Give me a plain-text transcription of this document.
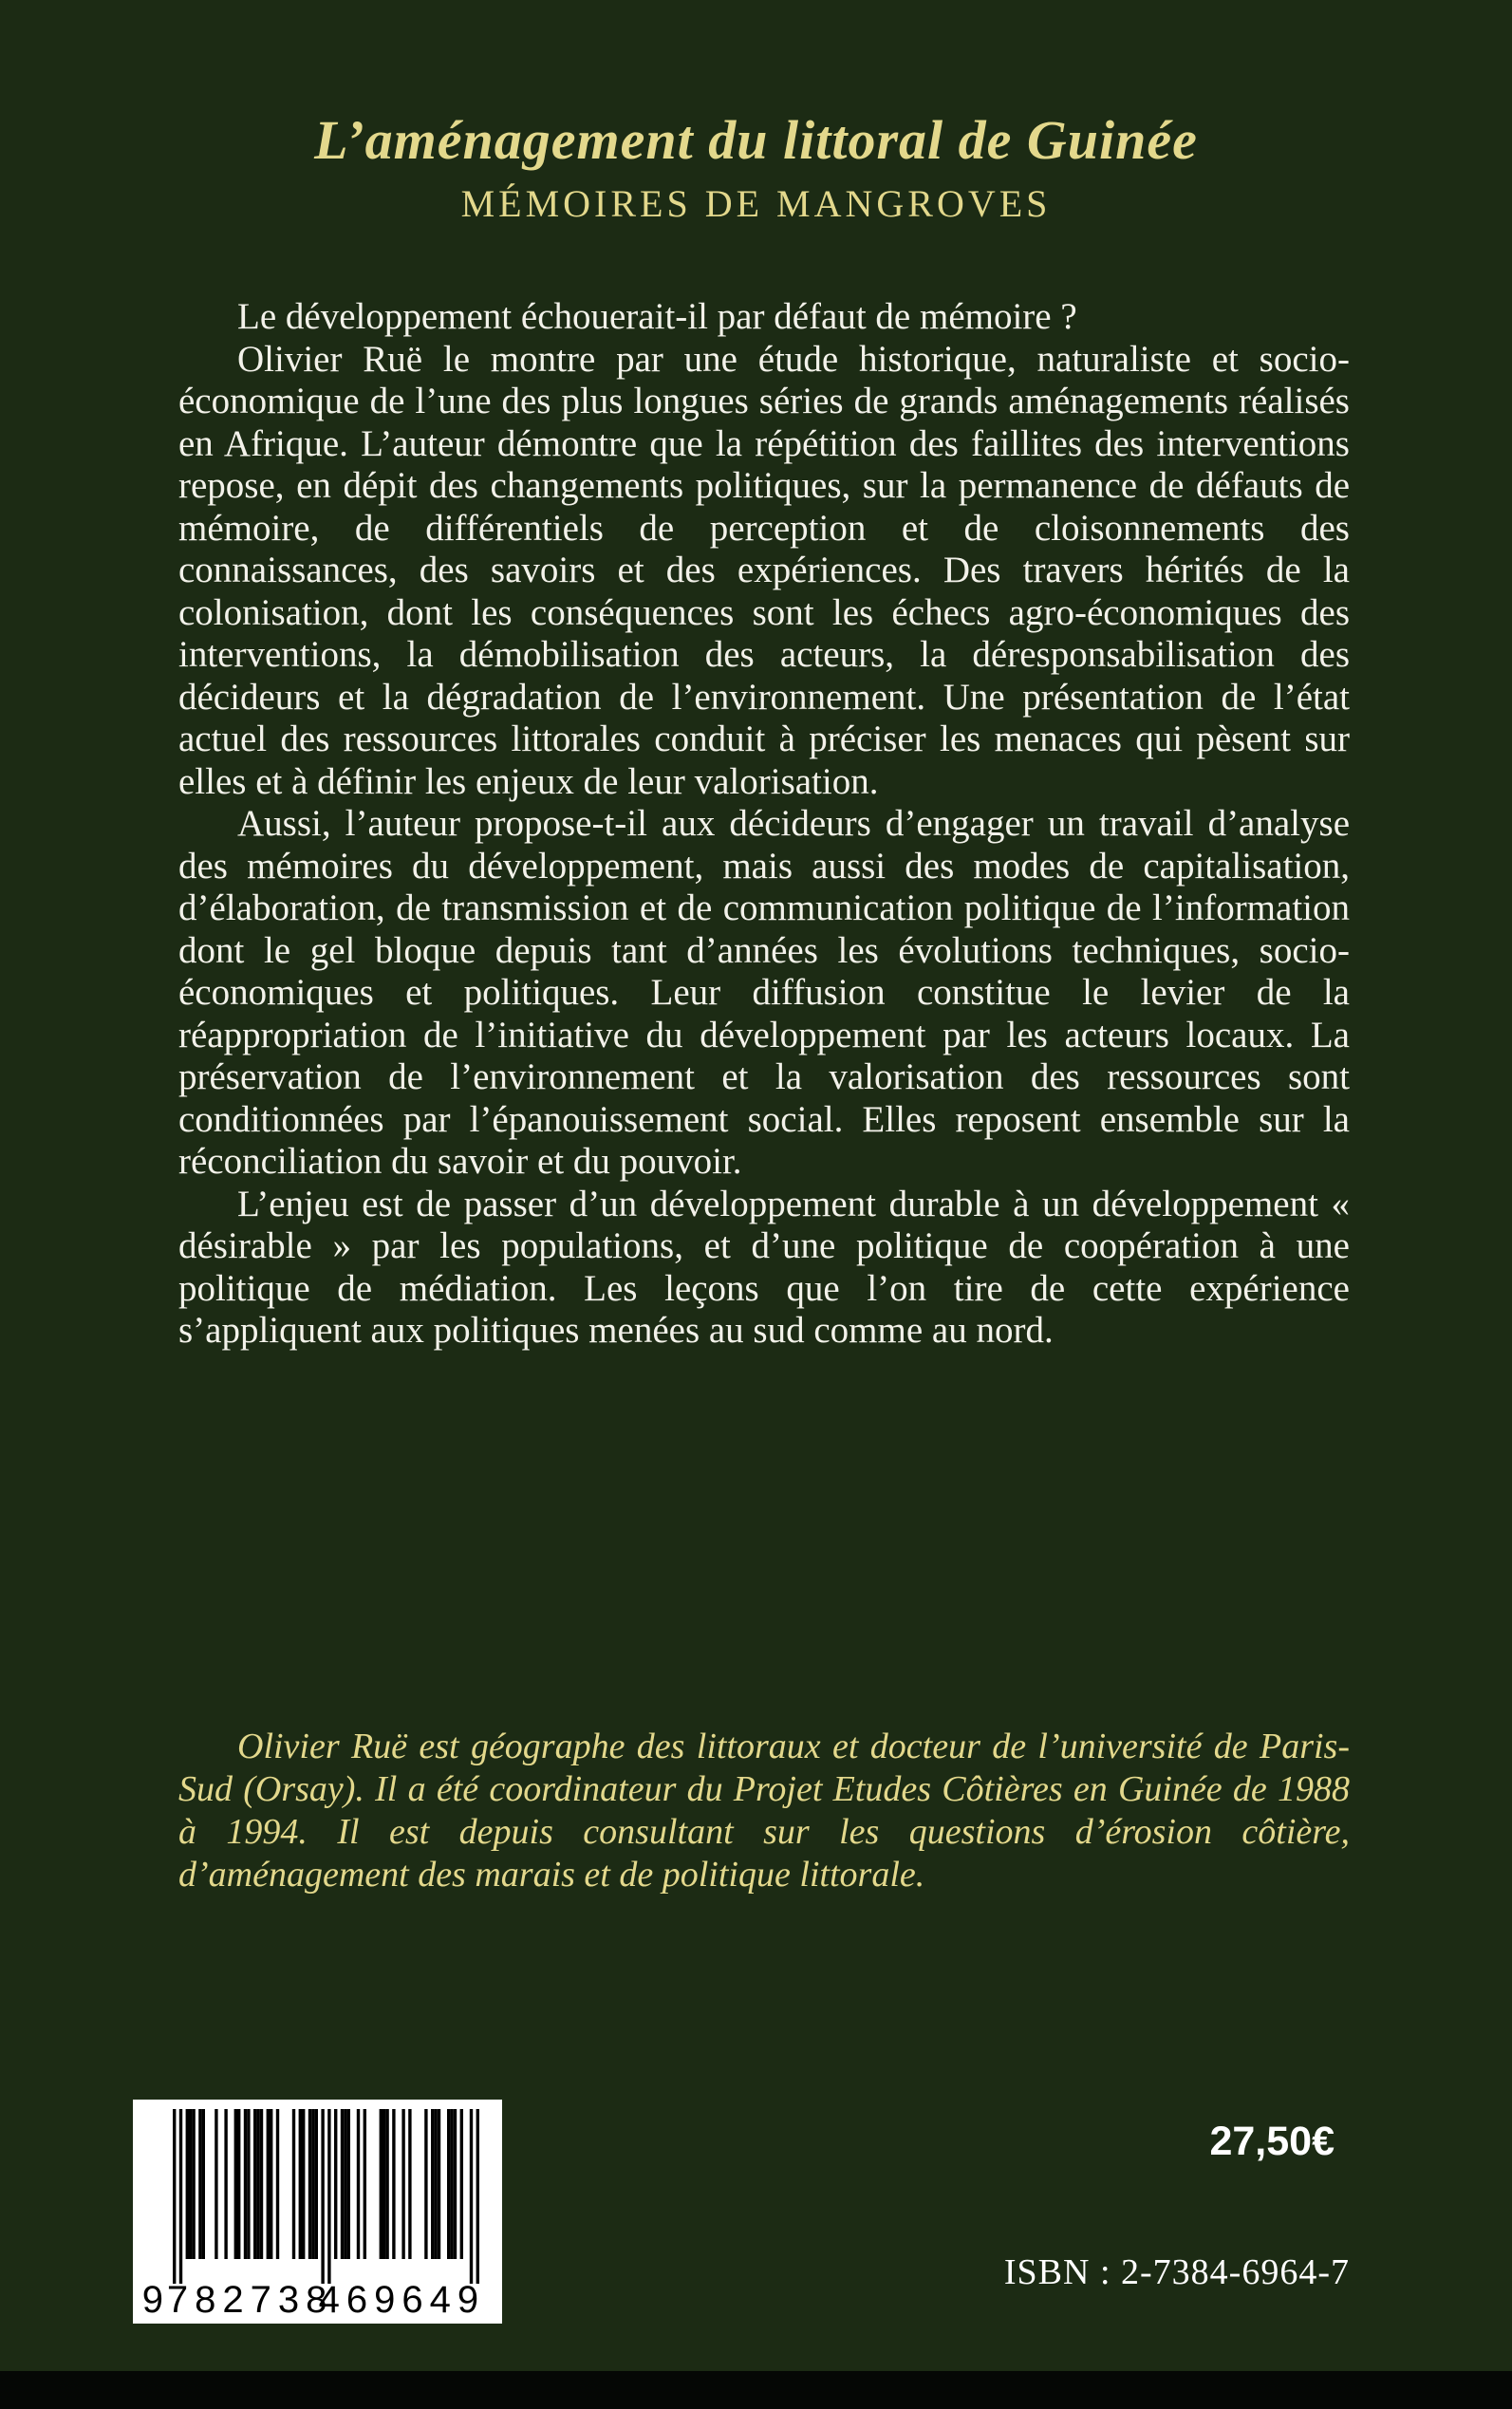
L’aménagement du littoral de Guinée
MÉMOIRES DE MANGROVES

Le développement échouerait-il par défaut de mémoire ?

Olivier Ruë le montre par une étude historique, naturaliste et socio-économique de l’une des plus longues séries de grands aménagements réalisés en Afrique. L’auteur démontre que la répétition des faillites des interventions repose, en dépit des changements politiques, sur la permanence de défauts de mémoire, de différentiels de perception et de cloisonnements des connaissances, des savoirs et des expériences. Des travers hérités de la colonisation, dont les conséquences sont les échecs agro-économiques des interventions, la démobilisation des acteurs, la déresponsabilisation des décideurs et la dégradation de l’environnement. Une présentation de l’état actuel des ressources littorales conduit à préciser les menaces qui pèsent sur elles et à définir les enjeux de leur valorisation.

Aussi, l’auteur propose-t-il aux décideurs d’engager un travail d’analyse des mémoires du développement, mais aussi des modes de capitalisation, d’élaboration, de transmission et de communication politique de l’information dont le gel bloque depuis tant d’années les évolutions techniques, socio-économiques et politiques. Leur diffusion constitue le levier de la réappropriation de l’initiative du développement par les acteurs locaux. La préservation de l’environnement et la valorisation des ressources sont conditionnées par l’épanouissement social. Elles reposent ensemble sur la réconciliation du savoir et du pouvoir.

L’enjeu est de passer d’un développement durable à un développement « désirable » par les populations, et d’une politique de coopération à une politique de médiation. Les leçons que l’on tire de cette expérience s’appliquent aux politiques menées au sud comme au nord.

Olivier Ruë est géographe des littoraux et docteur de l’université de Paris-Sud (Orsay). Il a été coordinateur du Projet Etudes Côtières en Guinée de 1988 à 1994. Il est depuis consultant sur les questions d’érosion côtière, d’aménagement des marais et de politique littorale.
27,50€
ISBN : 2-7384-6964-7
9 782738
469649
